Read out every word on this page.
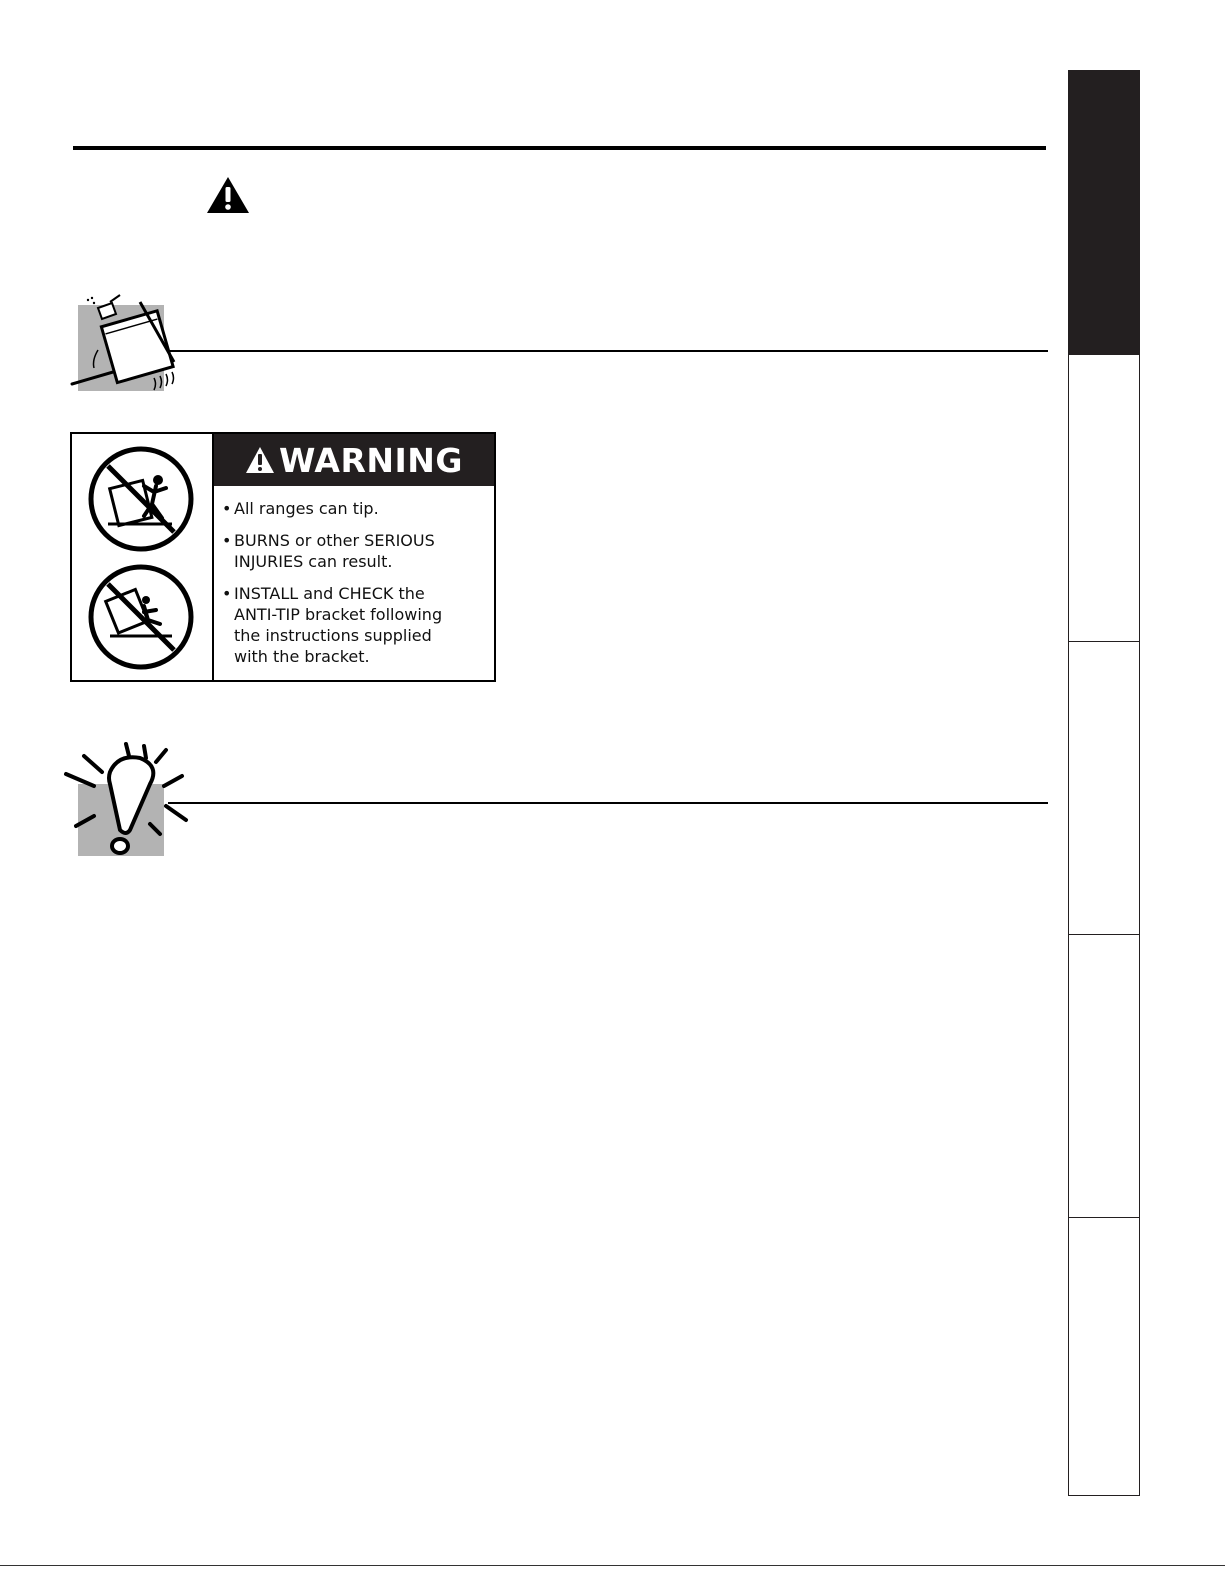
WARNING
• All ranges can tip.
• BURNS or other SERIOUS
INJURIES can result.
• INSTALL and CHECK the
ANTI-TIP bracket following
the instructions supplied
with the bracket.
